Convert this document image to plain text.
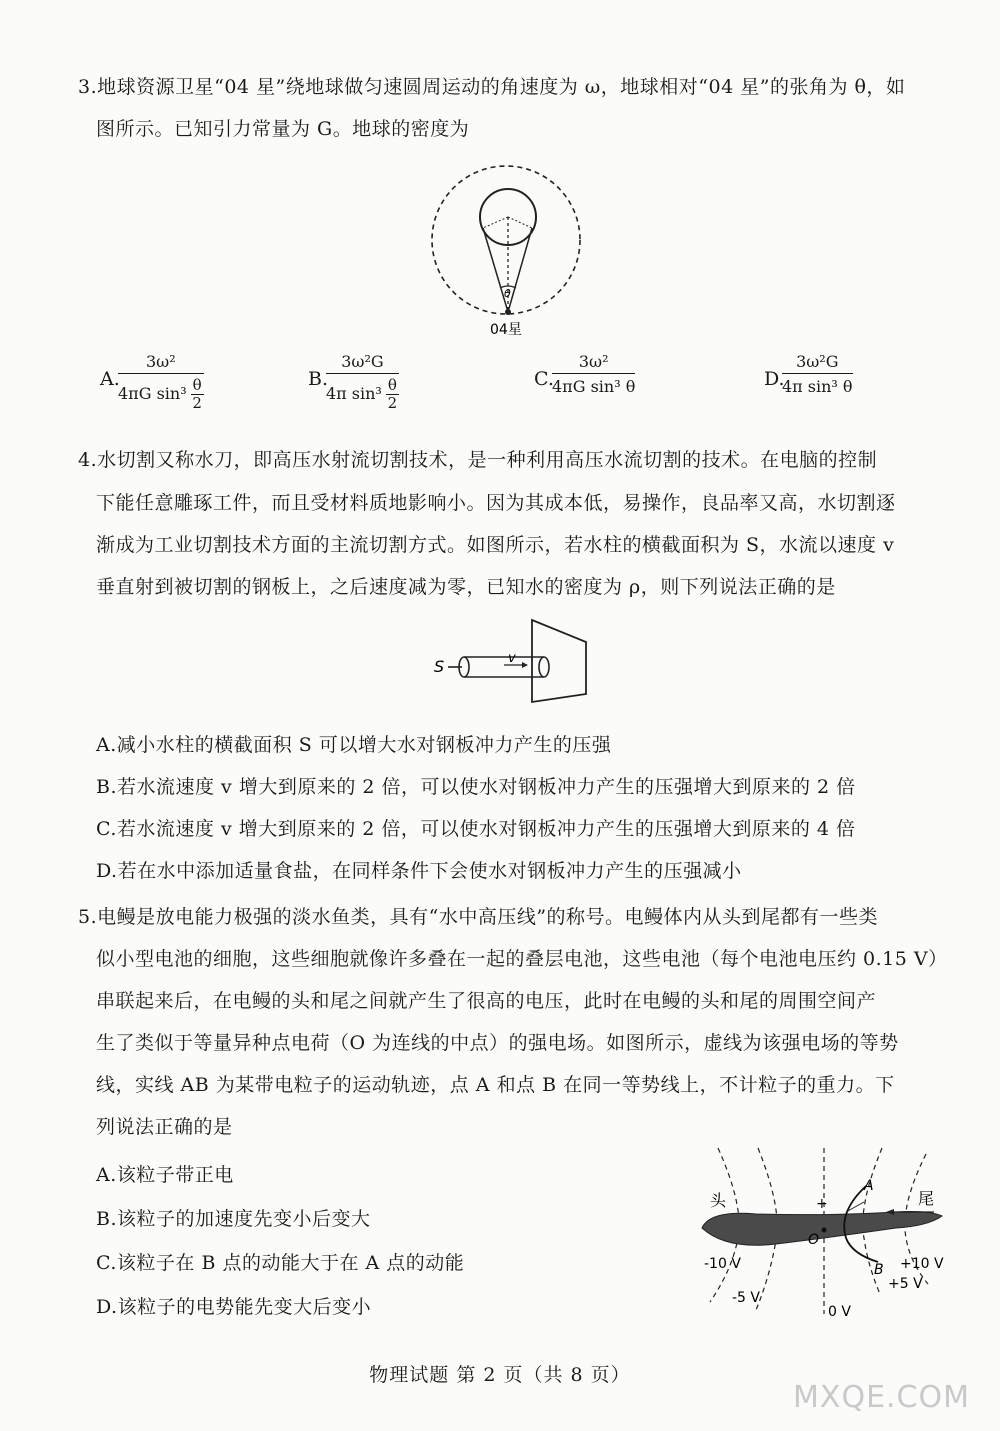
3.地球资源卫星“04 星”绕地球做匀速圆周运动的角速度为 ω，地球相对“04 星”的张角为 θ，如
图所示。已知引力常量为 G。地球的密度为
θ
04星
A.
$\frac{\text{3ω²}}{4\pi G \sin^3 \frac{\theta}{2}}$	B.
$\frac{\text{3ω²G}}{4\pi \sin^3 \frac{\theta}{2}}$	C.
$\frac{\text{3ω²}}{\text{4πG sin³ θ}}$	D.
$\frac{\text{3ω²G}}{\text{4π sin³ θ}}$
4.水切割又称水刀，即高压水射流切割技术，是一种利用高压水流切割的技术。在电脑的控制
下能任意雕琢工件，而且受材料质地影响小。因为其成本低，易操作，良品率又高，水切割逐
渐成为工业切割技术方面的主流切割方式。如图所示，若水柱的横截面积为 S，水流以速度 v
垂直射到被切割的钢板上，之后速度减为零，已知水的密度为 ρ，则下列说法正确的是
S	v
A.减小水柱的横截面积 S 可以增大水对钢板冲力产生的压强
B.若水流速度 v 增大到原来的 2 倍，可以使水对钢板冲力产生的压强增大到原来的 2 倍
C.若水流速度 v 增大到原来的 2 倍，可以使水对钢板冲力产生的压强增大到原来的 4 倍
D.若在水中添加适量食盐，在同样条件下会使水对钢板冲力产生的压强减小
5.电鳗是放电能力极强的淡水鱼类，具有“水中高压线”的称号。电鳗体内从头到尾都有一些类
似小型电池的细胞，这些细胞就像许多叠在一起的叠层电池，这些电池（每个电池电压约 0.15 V）
串联起来后，在电鳗的头和尾之间就产生了很高的电压，此时在电鳗的头和尾的周围空间产
生了类似于等量异种点电荷（O 为连线的中点）的强电场。如图所示，虚线为该强电场的等势
线，实线 AB 为某带电粒子的运动轨迹，点 A 和点 B 在同一等势线上，不计粒子的重力。下
列说法正确的是
A.该粒子带正电
B.该粒子的加速度先变小后变大
C.该粒子在 B 点的动能大于在 A 点的动能
D.该粒子的电势能先变大后变小
尾
头	+
O
A
B
-10 V
-5 V
0 V
+10 V
+5 V
物理试题 第 2 页（共 8 页）
MXQE.COM
